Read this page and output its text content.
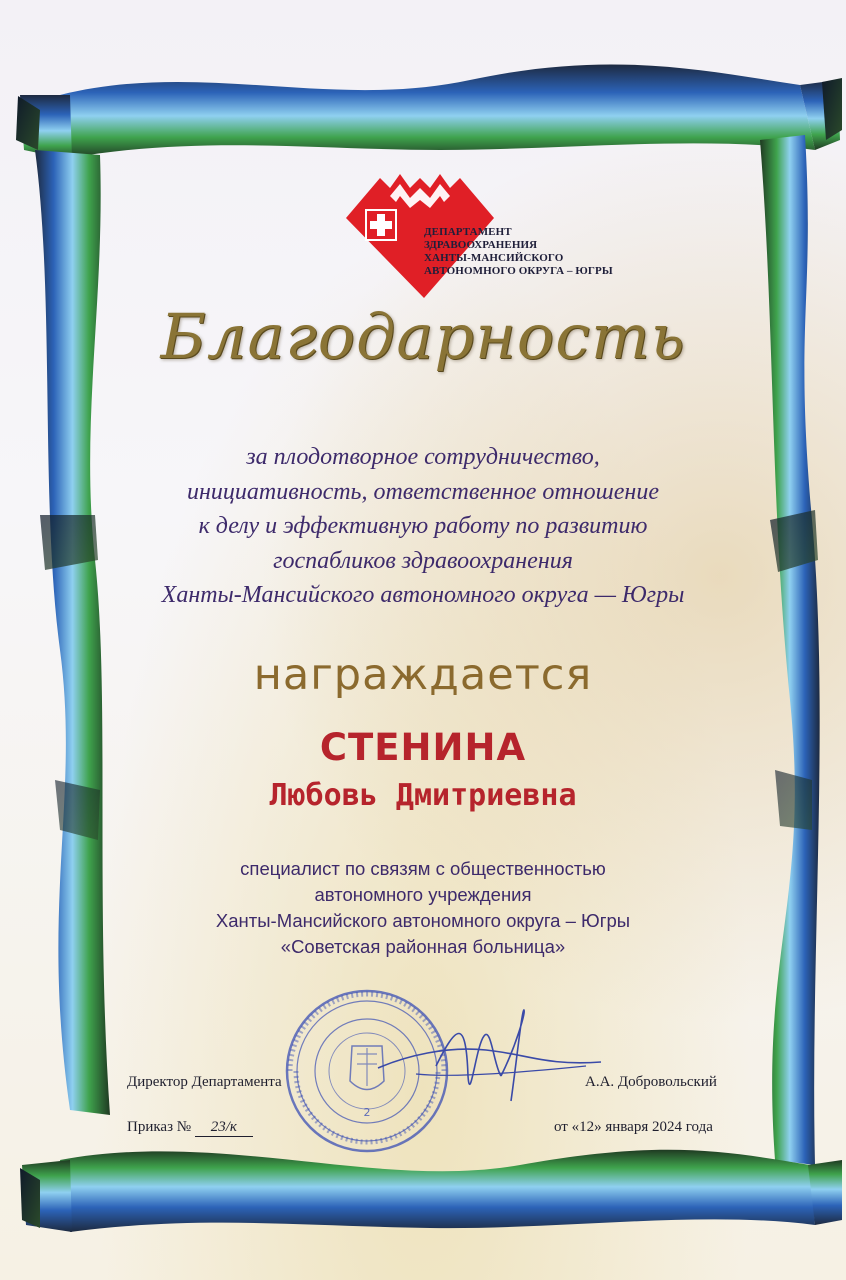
ДЕПАРТАМЕНТ
ЗДРАВООХРАНЕНИЯ
ХАНТЫ-МАНСИЙСКОГО
АВТОНОМНОГО ОКРУГА – ЮГРЫ
Благодарность
за плодотворное сотрудничество,
инициативность, ответственное отношение
к делу и эффективную работу по развитию
госпабликов здравоохранения
Ханты-Мансийского автономного округа — Югры
награждается
СТЕНИНА
Любовь Дмитриевна
специалист по связям с общественностью
автономного учреждения
Ханты-Мансийского автономного округа – Югры
«Советская районная больница»
2
Директор Департамента	А.А. Добровольский
Приказ № 23/к	от «12» января 2024 года
